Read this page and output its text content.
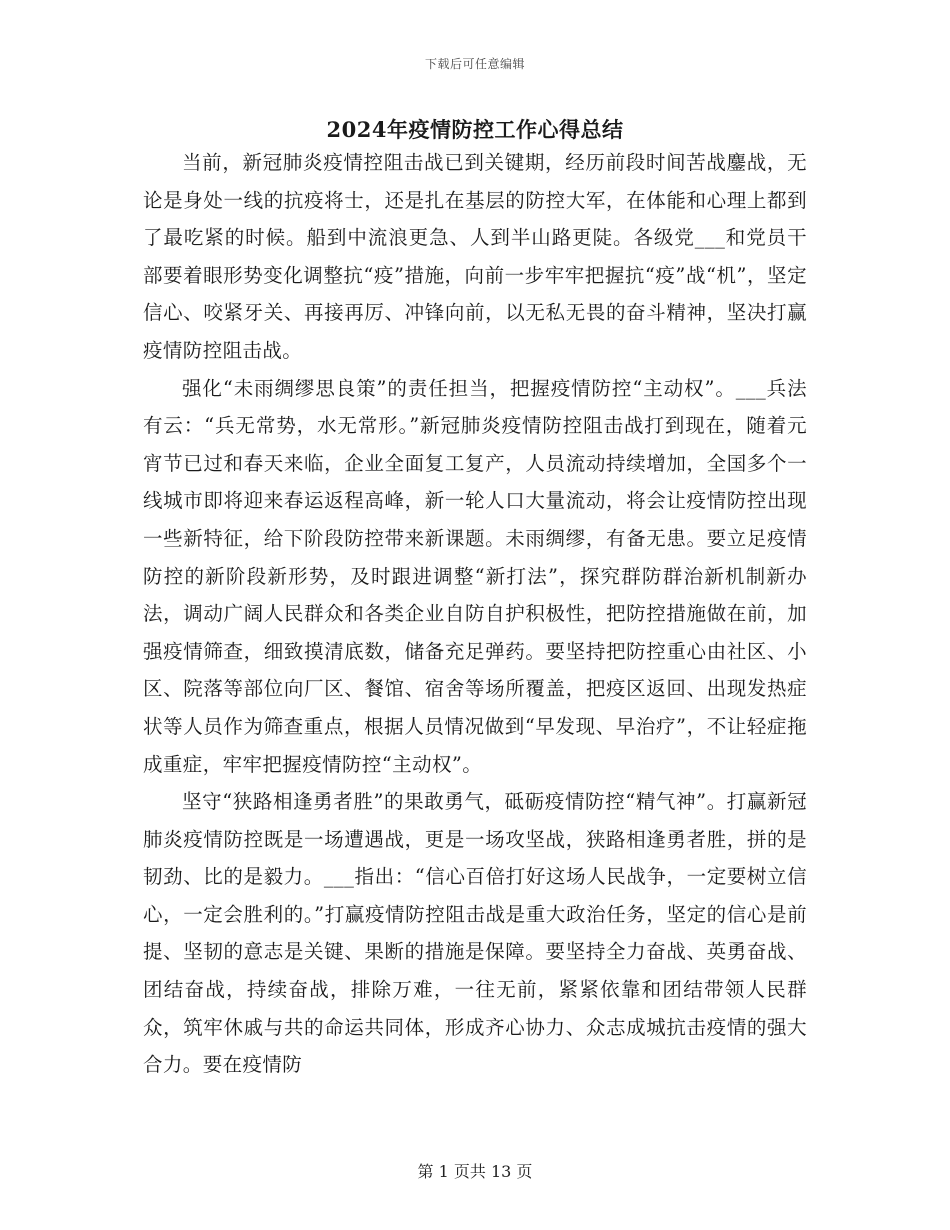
下载后可任意编辑
2024年疫情防控工作心得总结

当前，新冠肺炎疫情控阻击战已到关键期，经历前段时间苦战鏖战，无论是身处一线的抗疫将士，还是扎在基层的防控大军，在体能和心理上都到了最吃紧的时候。船到中流浪更急、人到半山路更陡。各级党___和党员干部要着眼形势变化调整抗“疫”措施，向前一步牢牢把握抗“疫”战“机”，坚定信心、咬紧牙关、再接再厉、冲锋向前，以无私无畏的奋斗精神，坚决打赢疫情防控阻击战。

强化“未雨绸缪思良策”的责任担当，把握疫情防控“主动权”。___兵法有云：“兵无常势，水无常形。”新冠肺炎疫情防控阻击战打到现在，随着元宵节已过和春天来临，企业全面复工复产，人员流动持续增加，全国多个一线城市即将迎来春运返程高峰，新一轮人口大量流动，将会让疫情防控出现一些新特征，给下阶段防控带来新课题。未雨绸缪，有备无患。要立足疫情防控的新阶段新形势，及时跟进调整“新打法”，探究群防群治新机制新办法，调动广阔人民群众和各类企业自防自护积极性，把防控措施做在前，加强疫情筛查，细致摸清底数，储备充足弹药。要坚持把防控重心由社区、小区、院落等部位向厂区、餐馆、宿舍等场所覆盖，把疫区返回、出现发热症状等人员作为筛查重点，根据人员情况做到“早发现、早治疗”，不让轻症拖成重症，牢牢把握疫情防控“主动权”。

坚守“狭路相逢勇者胜”的果敢勇气，砥砺疫情防控“精气神”。打赢新冠肺炎疫情防控既是一场遭遇战，更是一场攻坚战，狭路相逢勇者胜，拼的是韧劲、比的是毅力。___指出：“信心百倍打好这场人民战争，一定要树立信心，一定会胜利的。”打赢疫情防控阻击战是重大政治任务，坚定的信心是前提、坚韧的意志是关键、果断的措施是保障。要坚持全力奋战、英勇奋战、团结奋战，持续奋战，排除万难，一往无前，紧紧依靠和团结带领人民群众，筑牢休戚与共的命运共同体，形成齐心协力、众志成城抗击疫情的强大合力。要在疫情防

第 1 页共 13 页
